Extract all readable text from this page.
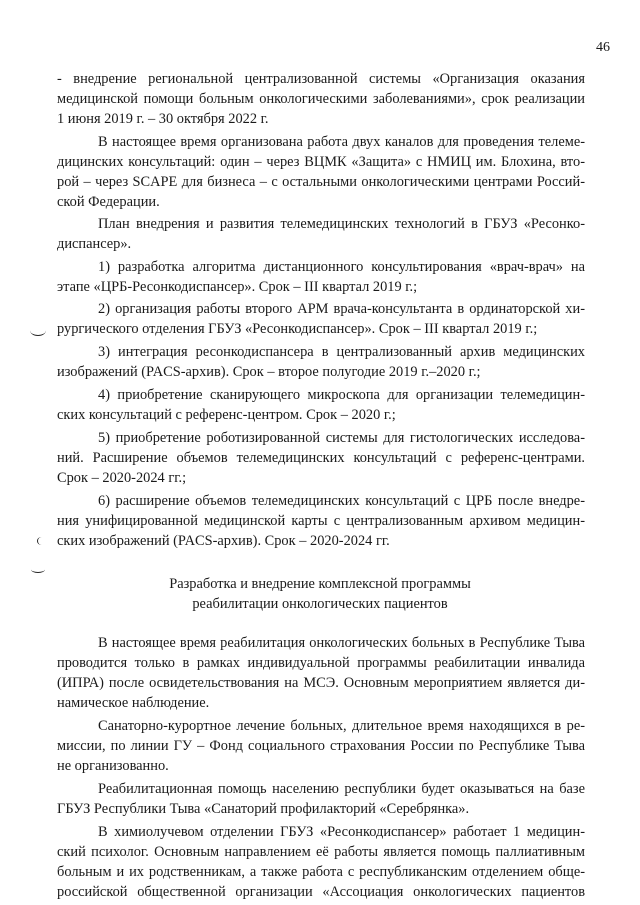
46
- внедрение региональной централизованной системы «Организация оказания
медицинской помощи больным онкологическими заболеваниями», срок реализации
1 июня 2019 г. – 30 октября 2022 г.
В настоящее время организована работа двух каналов для проведения телеме-
дицинских консультаций: один – через ВЦМК «Защита» с НМИЦ им. Блохина, вто-
рой – через SCAPE для бизнеса – с остальными онкологическими центрами Россий-
ской Федерации.
План внедрения и развития телемедицинских технологий в ГБУЗ «Ресонко-
диспансер».
1) разработка алгоритма дистанционного консультирования «врач-врач» на
этапе «ЦРБ-Ресонкодиспансер». Срок – III квартал 2019 г.;
2) организация работы второго АРМ врача-консультанта в ординаторской хи-
рургического отделения ГБУЗ «Ресонкодиспансер». Срок – III квартал 2019 г.;
3) интеграция ресонкодиспансера в централизованный архив медицинских
изображений (PACS-архив). Срок – второе полугодие 2019 г.–2020 г.;
4) приобретение сканирующего микроскопа для организации телемедицин-
ских консультаций с референс-центром. Срок – 2020 г.;
5) приобретение роботизированной системы для гистологических исследова-
ний. Расширение объемов телемедицинских консультаций с референс-центрами.
Срок – 2020-2024 гг.;
6) расширение объемов телемедицинских консультаций с ЦРБ после внедре-
ния унифицированной медицинской карты с централизованным архивом медицин-
ских изображений (PACS-архив). Срок – 2020-2024 гг.
Разработка и внедрение комплексной программы
реабилитации онкологических пациентов
В настоящее время реабилитация онкологических больных в Республике Тыва
проводится только в рамках индивидуальной программы реабилитации инвалида
(ИПРА) после освидетельствования на МСЭ. Основным мероприятием является ди-
намическое наблюдение.
Санаторно-курортное лечение больных, длительное время находящихся в ре-
миссии, по линии ГУ – Фонд социального страхования России по Республике Тыва
не организованно.
Реабилитационная помощь населению республики будет оказываться на базе
ГБУЗ Республики Тыва «Санаторий профилакторий «Серебрянка».
В химиолучевом отделении ГБУЗ «Ресонкодиспансер» работает 1 медицин-
ский психолог. Основным направлением её работы является помощь паллиативным
больным и их родственникам, а также работа с республиканским отделением обще-
российской общественной организации «Ассоциация онкологических пациентов
